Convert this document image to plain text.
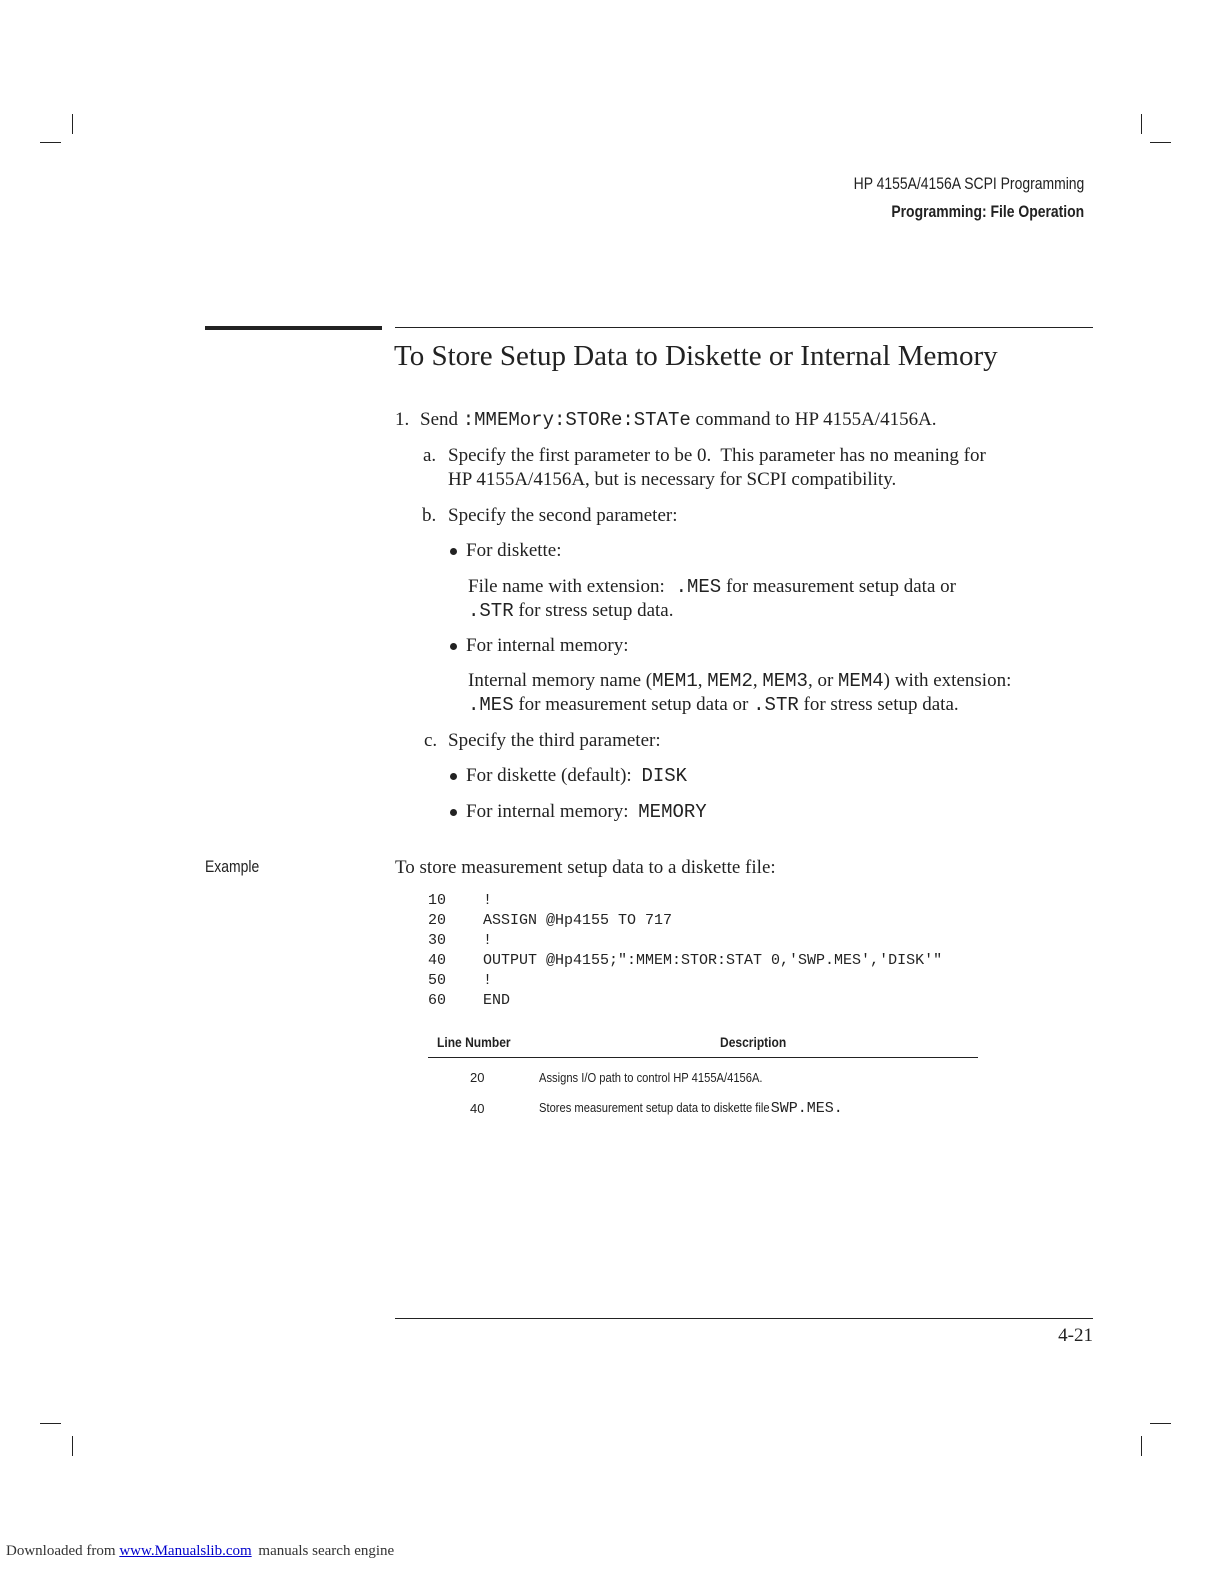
HP 4155A/4156A SCPI Programming
Programming: File Operation
To Store Setup Data to Diskette or Internal Memory
1. Send :MMEMory:STORe:STATe command to HP 4155A/4156A.
a. Specify the first parameter to be 0.  This parameter has no meaning for
HP 4155A/4156A, but is necessary for SCPI compatibility.
b. Specify the second parameter:
For diskette:
File name with extension: .MES for measurement setup data or
.STR for stress setup data.
For internal memory:
Internal memory name (MEM1, MEM2, MEM3, or MEM4) with extension:
.MES for measurement setup data or .STR for stress setup data.
c. Specify the third parameter:
For diskette (default): DISK
For internal memory: MEMORY
Example	To store measurement setup data to a diskette file:
10 !
20 ASSIGN @Hp4155 TO 717
30 !
40 OUTPUT @Hp4155;":MMEM:STOR:STAT 0,'SWP.MES','DISK'"
50 !
60 END
Line Number	Description
20	Assigns I/O path to control HP 4155A/4156A.
40	Stores measurement setup data to diskette file SWP.MES.
4-21
Downloaded from www.Manualslib.com manuals search engine
